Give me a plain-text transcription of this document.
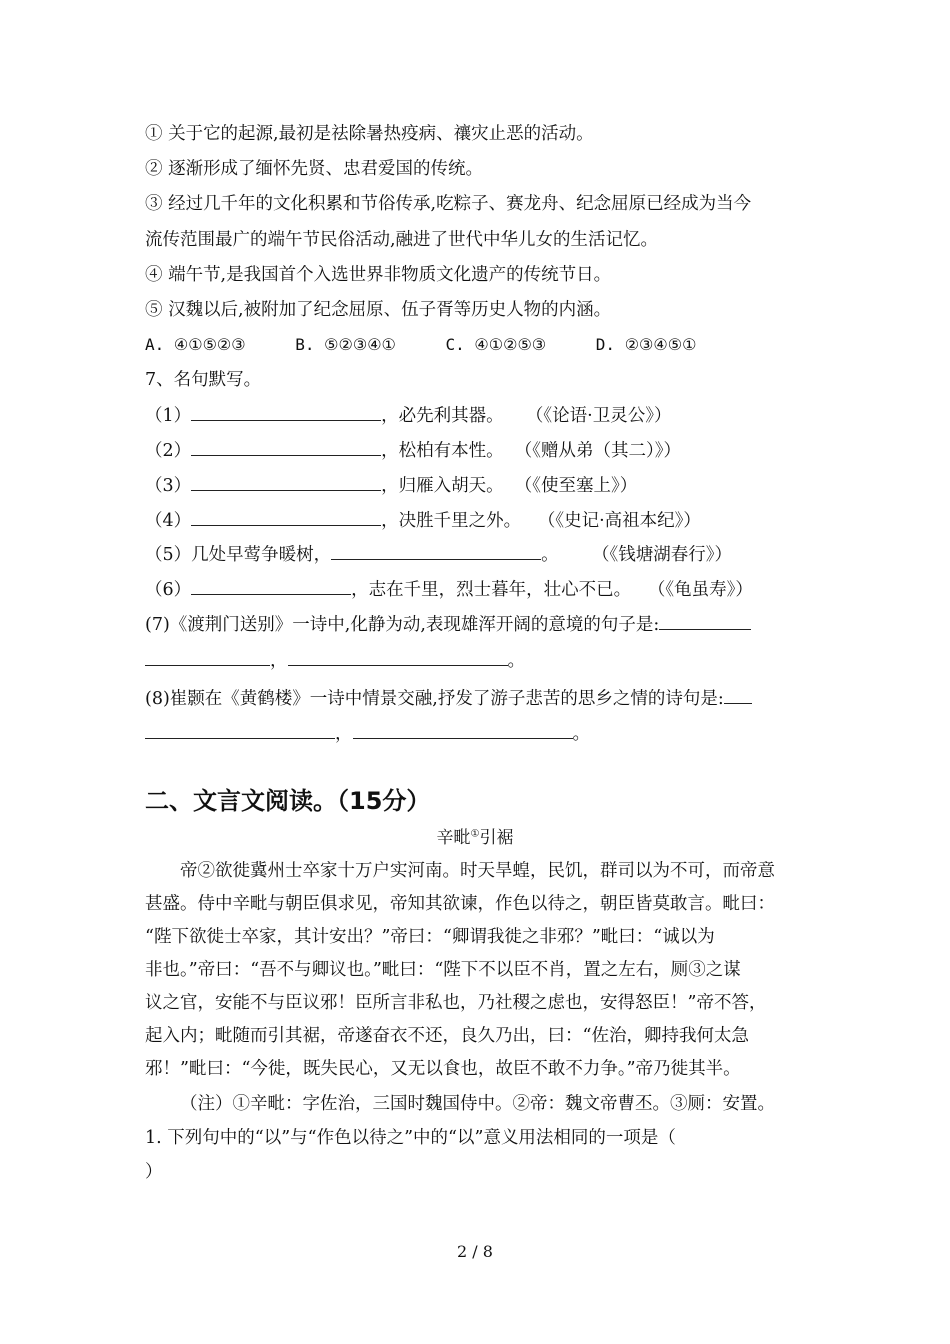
① 关于它的起源,最初是祛除暑热疫病、禳灾止恶的活动。
② 逐渐形成了缅怀先贤、忠君爱国的传统。
③ 经过几千年的文化积累和节俗传承,吃粽子、赛龙舟、纪念屈原已经成为当今
流传范围最广的端午节民俗活动,融进了世代中华儿女的生活记忆。
④ 端午节,是我国首个入选世界非物质文化遗产的传统节日。
⑤ 汉魏以后,被附加了纪念屈原、伍子胥等历史人物的内涵。
A. ④①⑤②③	B. ⑤②③④①	C. ④①②⑤③	D. ②③④⑤①
7、名句默写。
（1）	，必先利其器。 （《论语·卫灵公》）
（2）	，松柏有本性。 （《赠从弟（其二）》）
（3）	，归雁入胡天。 （《使至塞上》）
（4）	，决胜千里之外。 （《史记·高祖本纪》）
（5）几处早莺争暖树，	。 （《钱塘湖春行》）
（6）	，志在千里，烈士暮年，壮心不已。 （《龟虽寿》）
(7)《渡荆门送别》一诗中,化静为动,表现雄浑开阔的意境的句子是:
，	。
(8)崔颢在《黄鹤楼》一诗中情景交融,抒发了游子悲苦的思乡之情的诗句是:
，	。
二、文言文阅读。（15分）
辛毗①引裾
帝②欲徙冀州士卒家十万户实河南。时天旱蝗，民饥，群司以为不可，而帝意
甚盛。侍中辛毗与朝臣俱求见，帝知其欲谏，作色以待之，朝臣皆莫敢言。毗曰：
“陛下欲徙士卒家，其计安出？”帝曰：“卿谓我徙之非邪？”毗曰：“诚以为
非也。”帝曰：“吾不与卿议也。”毗曰：“陛下不以臣不肖，置之左右，厕③之谋
议之官，安能不与臣议邪！臣所言非私也，乃社稷之虑也，安得怒臣！”帝不答，
起入内；毗随而引其裾，帝遂奋衣不还，良久乃出，曰：“佐治，卿持我何太急
邪！”毗曰：“今徙，既失民心，又无以食也，故臣不敢不力争。”帝乃徙其半。
（注）①辛毗：字佐治，三国时魏国侍中。②帝：魏文帝曹丕。③厕：安置。
1. 下列句中的“以”与“作色以待之”中的“以”意义用法相同的一项是（
）
2 / 8
